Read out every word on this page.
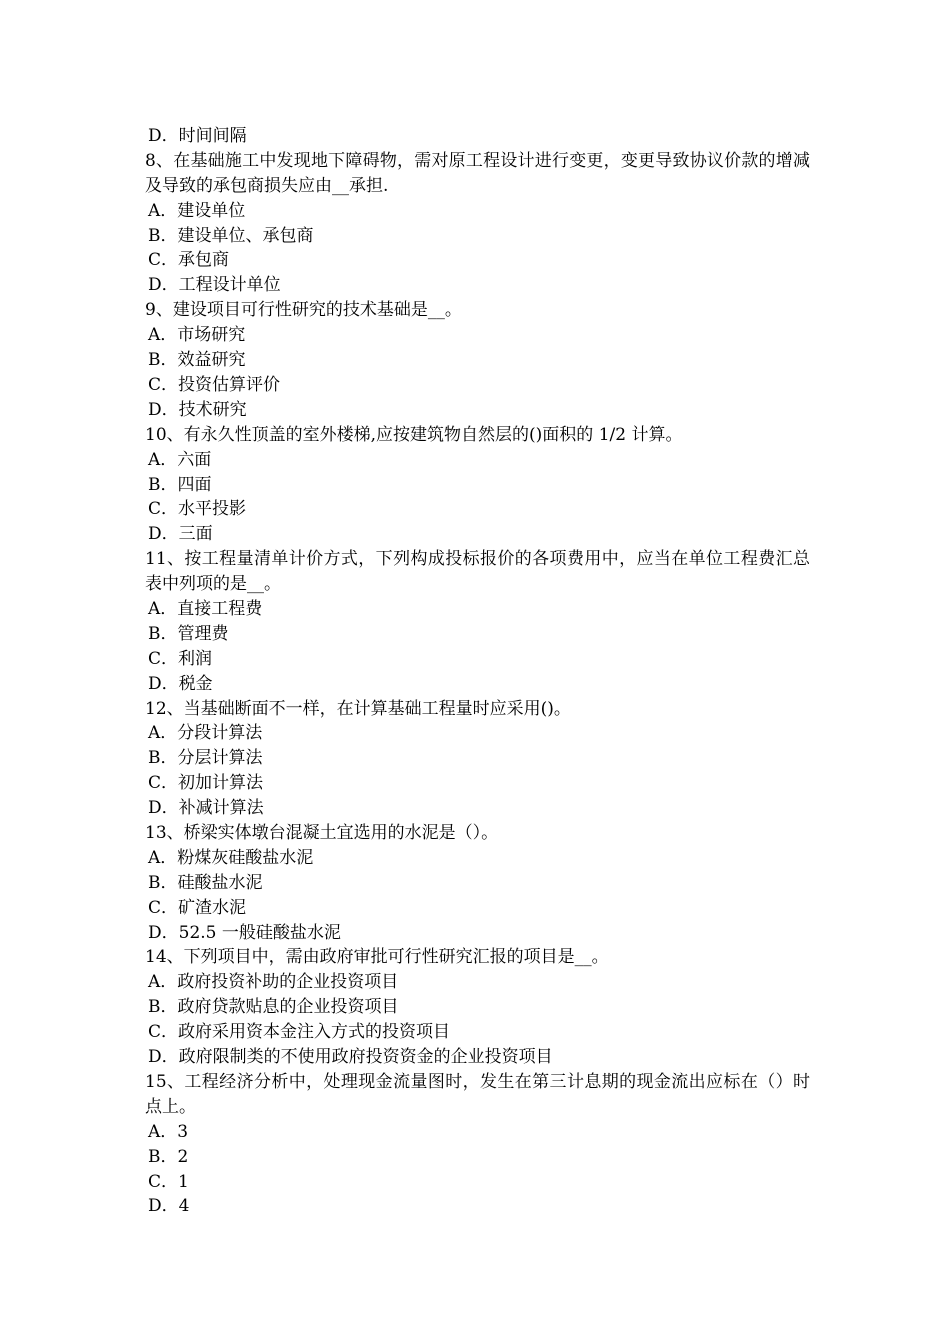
D．时间间隔
8、在基础施工中发现地下障碍物，需对原工程设计进行变更，变更导致协议价款的增减及导致的承包商损失应由__承担.
A．建设单位
B．建设单位、承包商
C．承包商
D．工程设计单位
9、建设项目可行性研究的技术基础是__。
A．市场研究
B．效益研究
C．投资估算评价
D．技术研究
10、有永久性顶盖的室外楼梯,应按建筑物自然层的()面积的 1/2 计算。
A．六面
B．四面
C．水平投影
D．三面
11、按工程量清单计价方式，下列构成投标报价的各项费用中，应当在单位工程费汇总表中列项的是__。
A．直接工程费
B．管理费
C．利润
D．税金
12、当基础断面不一样，在计算基础工程量时应采用()。
A．分段计算法
B．分层计算法
C．初加计算法
D．补减计算法
13、桥梁实体墩台混凝土宜选用的水泥是（）。
A．粉煤灰硅酸盐水泥
B．硅酸盐水泥
C．矿渣水泥
D．52.5 一般硅酸盐水泥
14、下列项目中，需由政府审批可行性研究汇报的项目是__。
A．政府投资补助的企业投资项目
B．政府贷款贴息的企业投资项目
C．政府采用资本金注入方式的投资项目
D．政府限制类的不使用政府投资资金的企业投资项目
15、工程经济分析中，处理现金流量图时，发生在第三计息期的现金流出应标在（）时点上。
A．3
B．2
C．1
D．4
